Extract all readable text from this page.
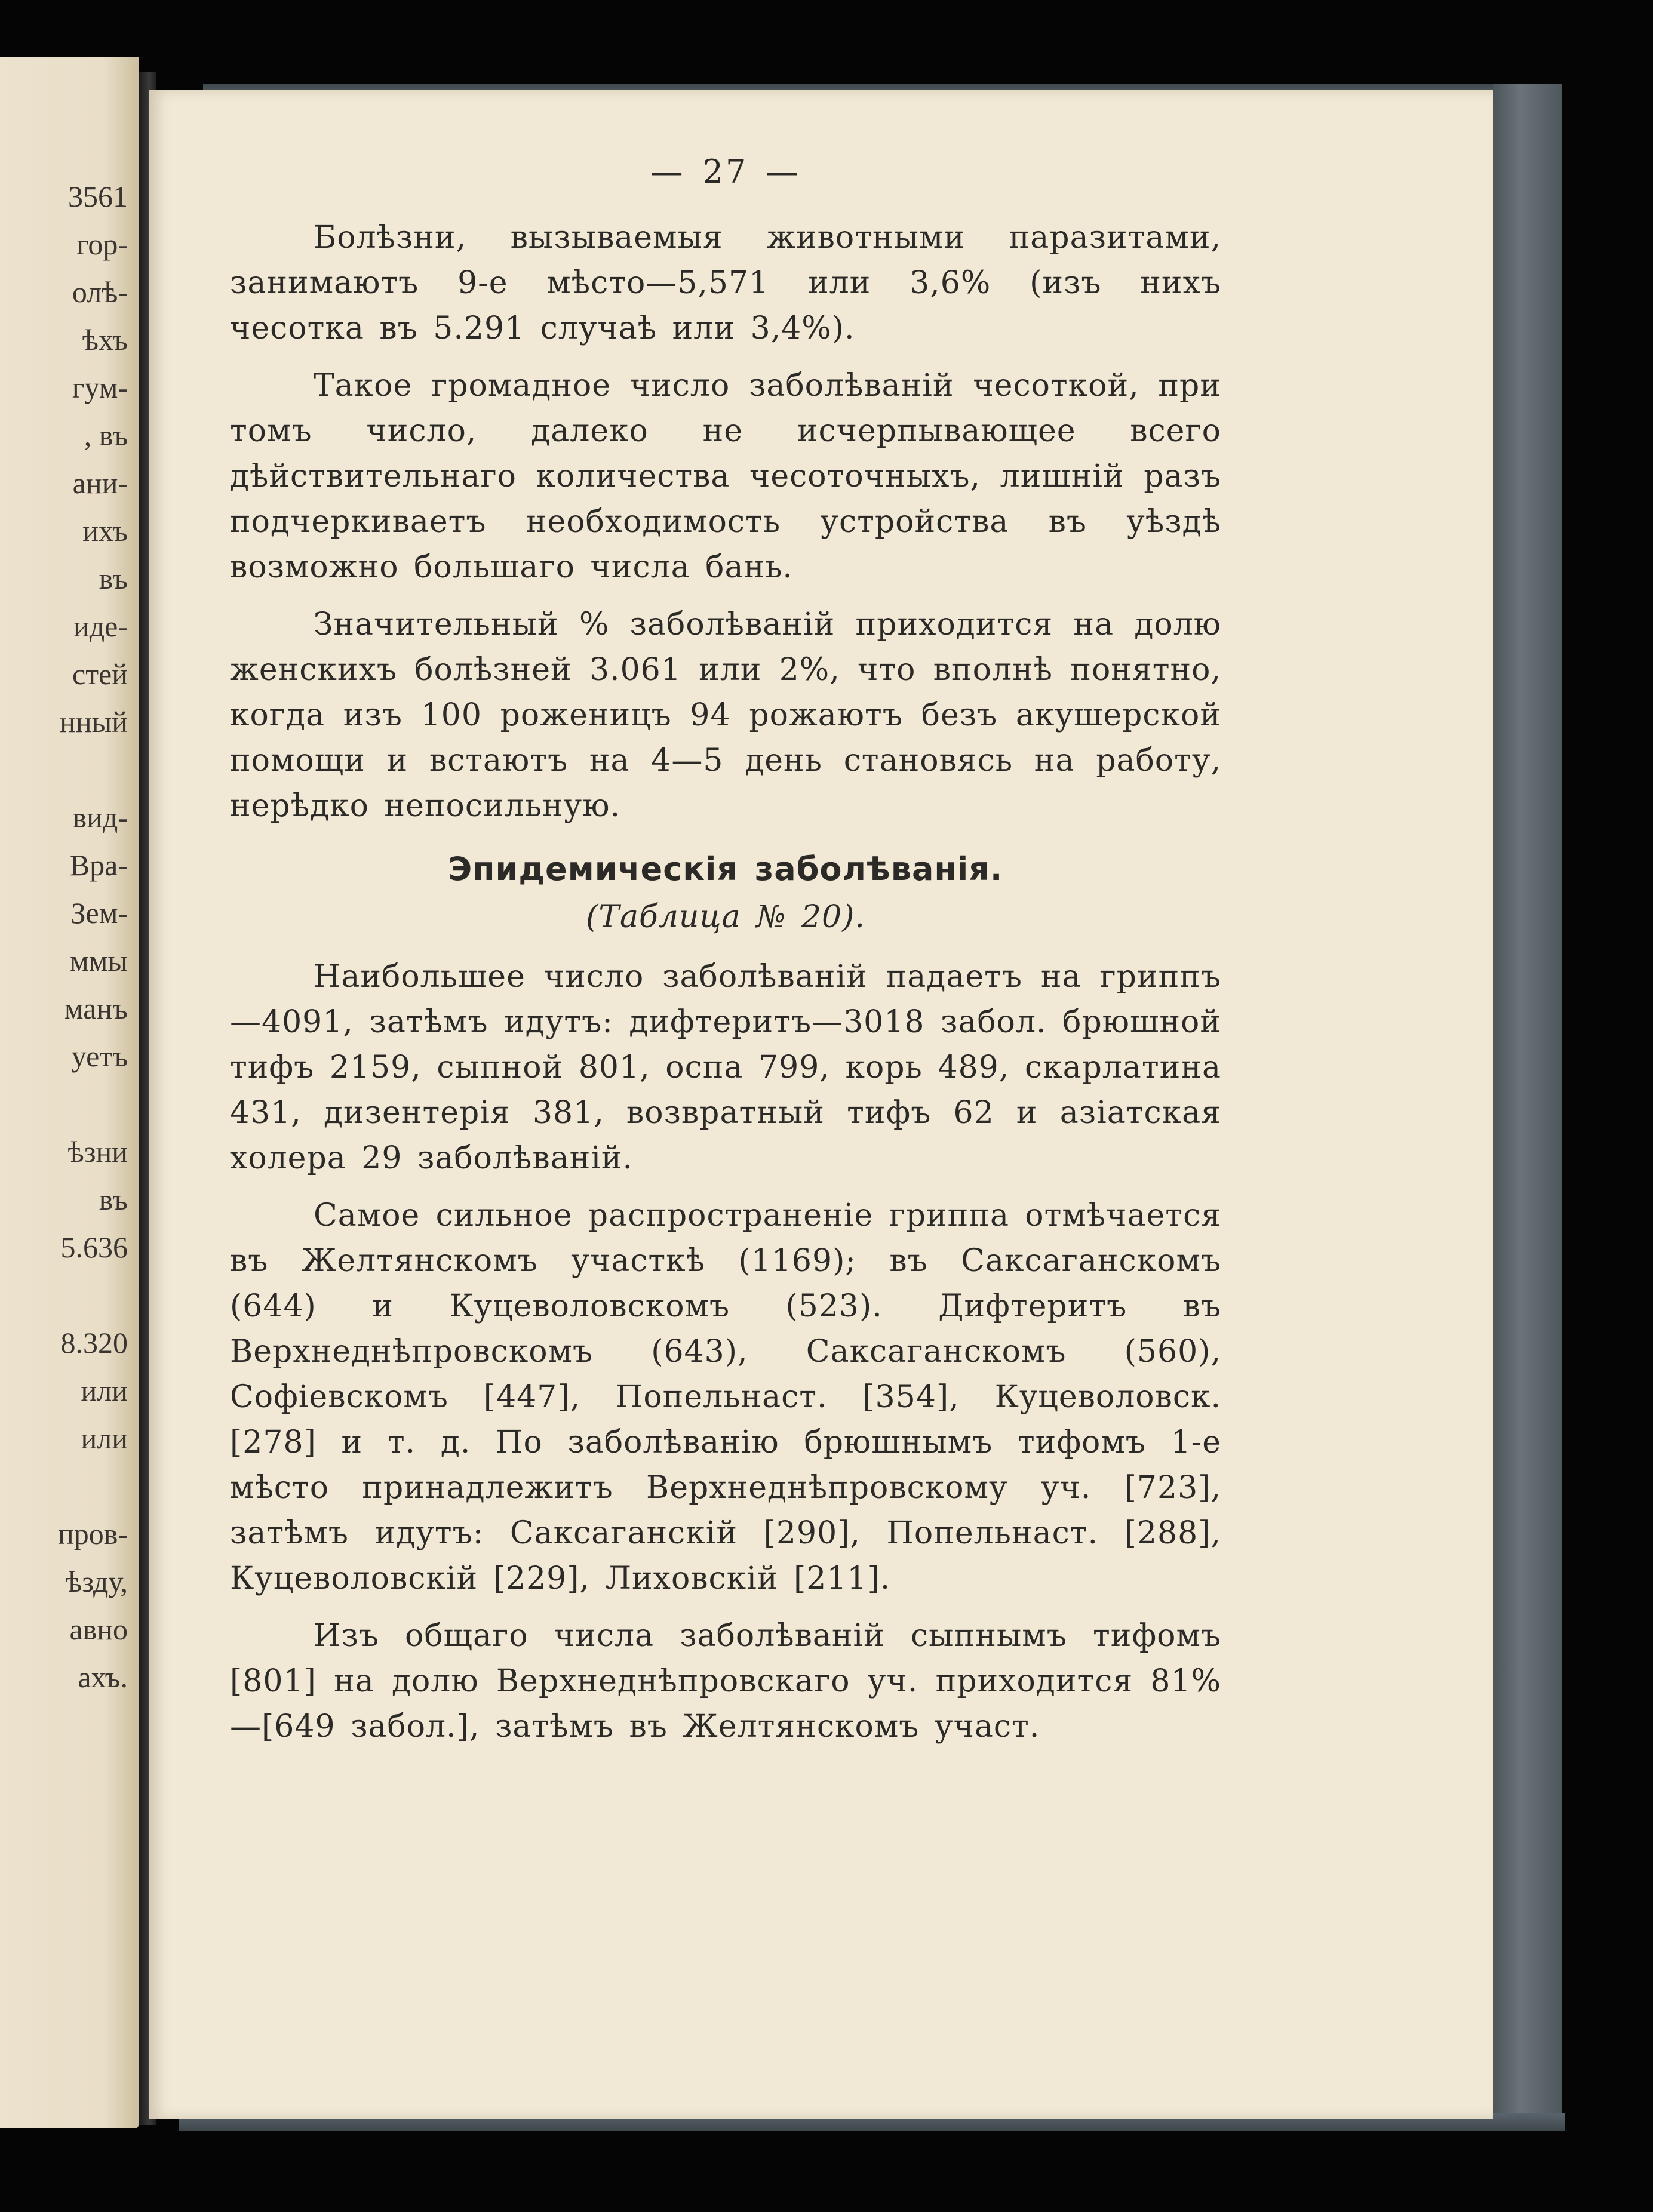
3561
гор-
олѣ-
ѣхъ
гум-
, въ
ани-
ихъ
въ
иде-
стей
нный
вид-
Вра-
Зем-
ммы
манъ
уетъ
ѣзни
въ
5.636
8.320
или
или
пров-
ѣзду,
авно
ахъ.
— 27 —

Болѣзни, вызываемыя животными паразитами, занимаютъ 9-е мѣсто—5,571 или 3,6% (изъ нихъ чесотка въ 5.291 случаѣ или 3,4%).

Такое громадное число заболѣваній чесоткой, при томъ число, далеко не исчерпывающее всего дѣйствительнаго количества чесоточныхъ, лишній разъ подчеркиваетъ необходимость устройства въ уѣздѣ возможно большаго числа бань.

Значительный % заболѣваній приходится на долю женскихъ болѣзней 3.061 или 2%, что вполнѣ понятно, когда изъ 100 роженицъ 94 рожаютъ безъ акушерской помощи и встаютъ на 4—5 день становясь на работу, нерѣдко непосильную.

Эпидемическія заболѣванія.
(Таблица № 20).

Наибольшее число заболѣваній падаетъ на гриппъ—4091, затѣмъ идутъ: дифтеритъ—3018 забол. брюшной тифъ 2159, сыпной 801, оспа 799, корь 489, скарлатина 431, дизентерія 381, возвратный тифъ 62 и азіатская холера 29 заболѣваній.

Самое сильное распространеніе гриппа отмѣчается въ Желтянскомъ участкѣ (1169); въ Саксаганскомъ (644) и Куцеволовскомъ (523). Дифтеритъ въ Верхнеднѣпровскомъ (643), Саксаганскомъ (560), Софіевскомъ [447], Попельнаст. [354], Куцеволовск. [278] и т. д. По заболѣванію брюшнымъ тифомъ 1-е мѣсто принадлежитъ Верхнеднѣпровскому уч. [723], затѣмъ идутъ: Саксаганскій [290], Попельнаст. [288], Куцеволовскій [229], Лиховскій [211].

Изъ общаго числа заболѣваній сыпнымъ тифомъ [801] на долю Верхнеднѣпровскаго уч. приходится 81%—[649 забол.], затѣмъ въ Желтянскомъ участ.
